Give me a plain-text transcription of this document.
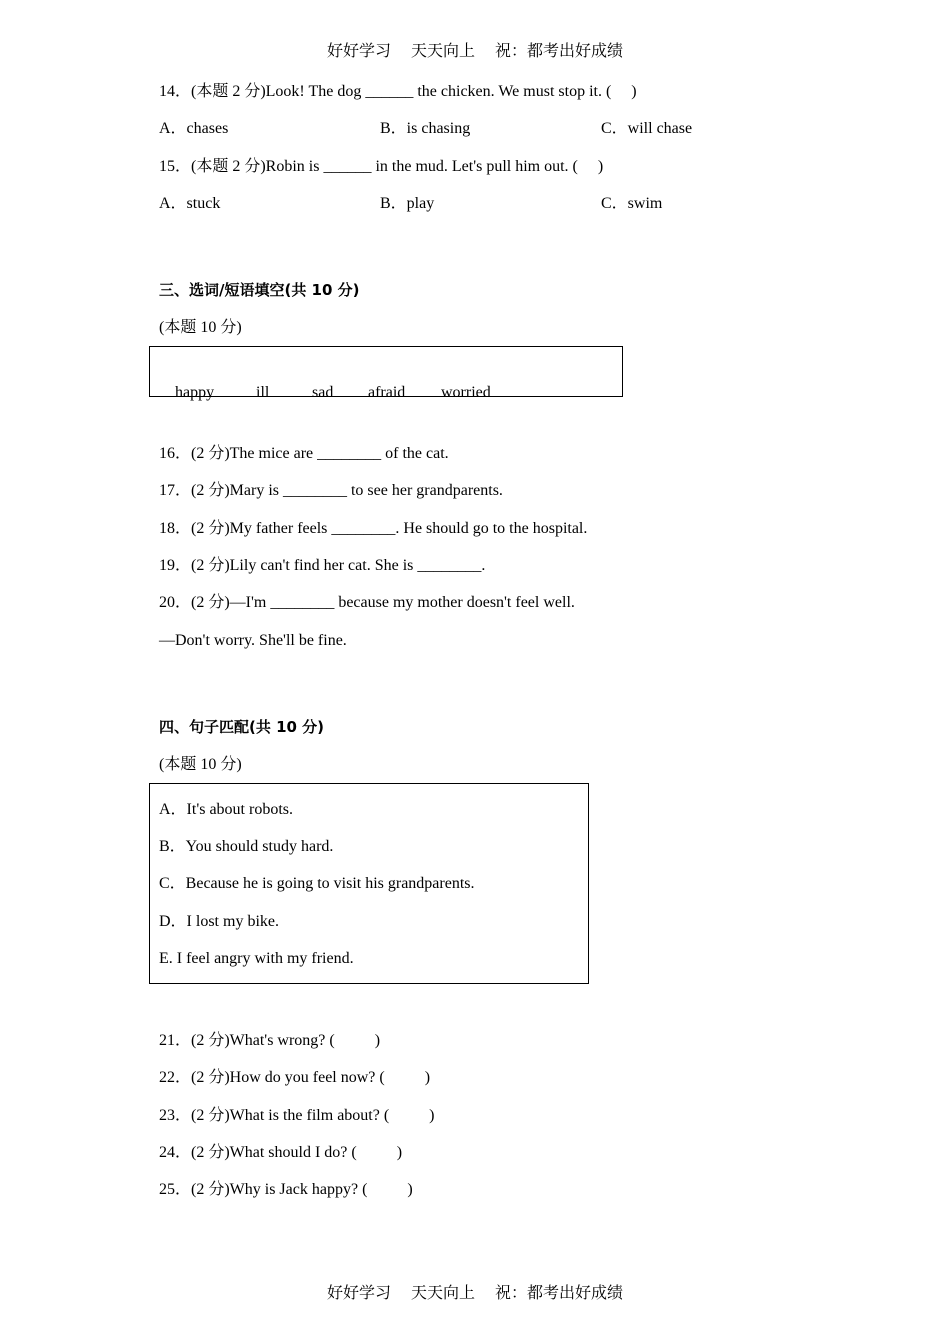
好好学习 天天向上 祝：都考出好成绩
14．(本题 2 分)Look! The dog ______ the chicken. We must stop it. (     )
A．chases	B．is chasing	C．will chase
15．(本题 2 分)Robin is ______ in the mud. Let's pull him out. (     )
A．stuck	B．play	C．swim
三、选词/短语填空(共 10 分)
(本题 10 分)

happy	ill	sad afraid worried

16．(2 分)The mice are ________ of the cat.
17．(2 分)Mary is ________ to see her grandparents.
18．(2 分)My father feels ________. He should go to the hospital.
19．(2 分)Lily can't find her cat. She is ________.
20．(2 分)—I'm ________ because my mother doesn't feel well.
—Don't worry. She'll be fine.
四、句子匹配(共 10 分)
(本题 10 分)
A．It's about robots.
B．You should study hard.
C．Because he is going to visit his grandparents.
D．I lost my bike.
E. I feel angry with my friend.
21．(2 分)What's wrong? (          )
22．(2 分)How do you feel now? (          )
23．(2 分)What is the film about? (          )
24．(2 分)What should I do? (          )
25．(2 分)Why is Jack happy? (          )
好好学习 天天向上 祝：都考出好成绩
